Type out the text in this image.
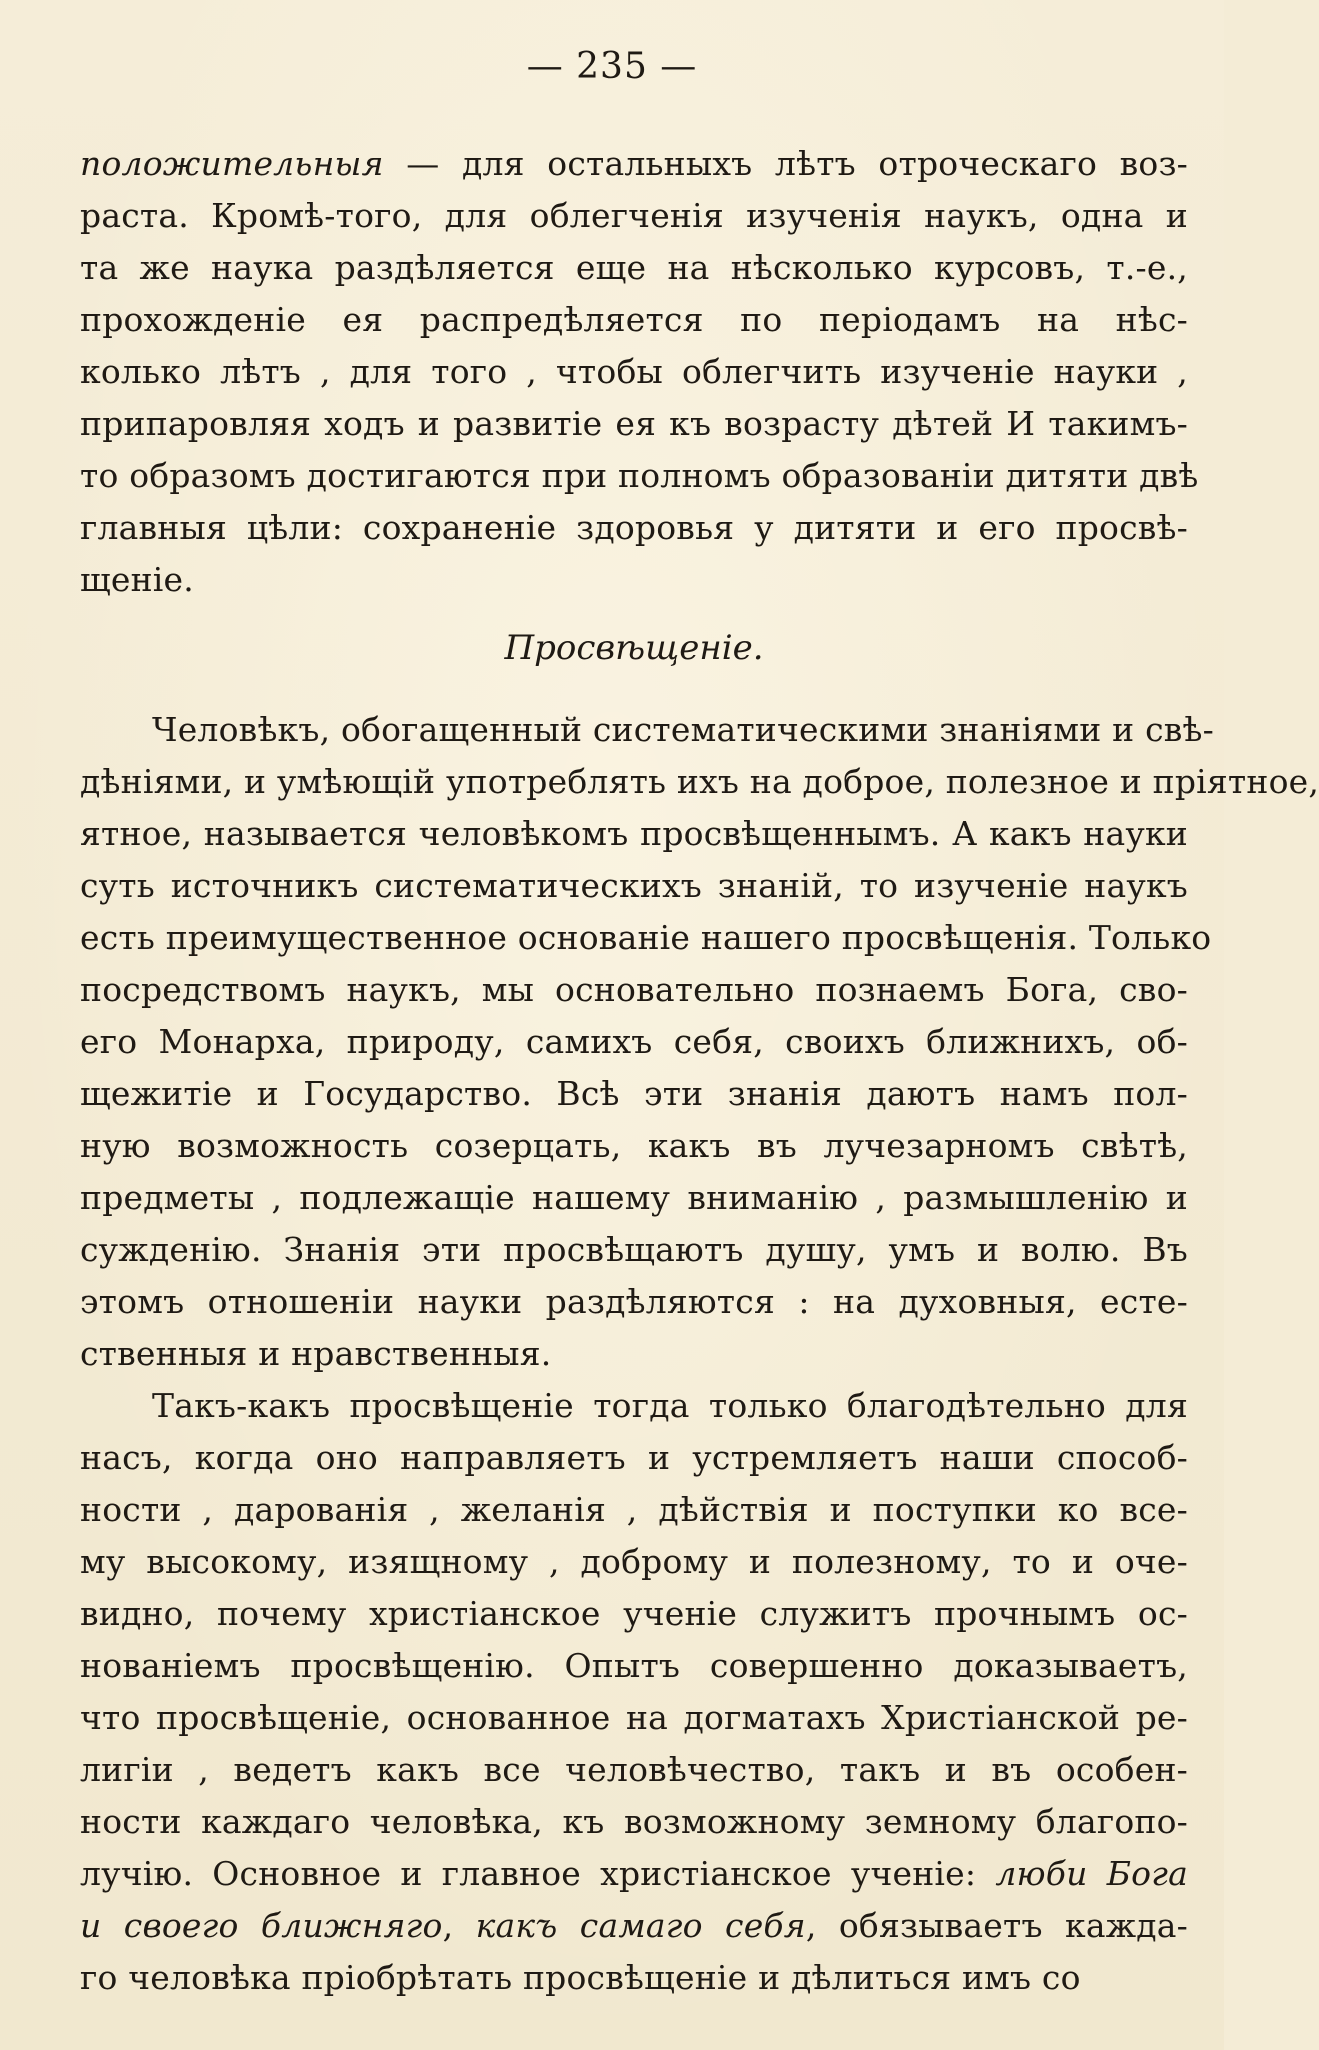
— 235 —
положительныя — для остальныхъ лѣтъ отроческаго воз-
раста. Кромѣ-того, для облегченія изученія наукъ, одна и
та же наука раздѣляется еще на нѣсколько курсовъ, т.-е.,
прохожденіе ея распредѣляется по періодамъ на нѣс-
колько лѣтъ , для того , чтобы облегчить изученіе науки ,
припаровляя ходъ и развитіе ея къ возрасту дѣтей И такимъ-
то образомъ достигаются при полномъ образованіи дитяти двѣ
главныя цѣли: сохраненіе здоровья у дитяти и его просвѣ-
щеніе.
Просвѣщеніе.
Человѣкъ, обогащенный систематическими знаніями и свѣ-
дѣніями, и умѣющій употреблять ихъ на доброе, полезное и пріятное,
ятное, называется человѣкомъ просвѣщеннымъ. А какъ науки
суть источникъ систематическихъ знаній, то изученіе наукъ
есть преимущественное основаніе нашего просвѣщенія. Только
посредствомъ наукъ, мы основательно познаемъ Бога, сво-
его Монарха, природу, самихъ себя, своихъ ближнихъ, об-
щежитіе и Государство. Всѣ эти знанія даютъ намъ пол-
ную возможность созерцать, какъ въ лучезарномъ свѣтѣ,
предметы , подлежащіе нашему вниманію , размышленію и
сужденію. Знанія эти просвѣщаютъ душу, умъ и волю. Въ
этомъ отношеніи науки раздѣляются : на духовныя, есте-
ственныя и нравственныя.
Такъ-какъ просвѣщеніе тогда только благодѣтельно для
насъ, когда оно направляетъ и устремляетъ наши способ-
ности , дарованія , желанія , дѣйствія и поступки ко все-
му высокому, изящному , доброму и полезному, то и оче-
видно, почему христіанское ученіе служитъ прочнымъ ос-
нованіемъ просвѣщенію. Опытъ совершенно доказываетъ,
что просвѣщеніе, основанное на догматахъ Христіанской ре-
лигіи , ведетъ какъ все человѣчество, такъ и въ особен-
ности каждаго человѣка, къ возможному земному благопо-
лучію. Основное и главное христіанское ученіе: люби Бога
и своего ближняго, какъ самаго себя, обязываетъ кажда-
го человѣка пріобрѣтать просвѣщеніе и дѣлиться имъ со
